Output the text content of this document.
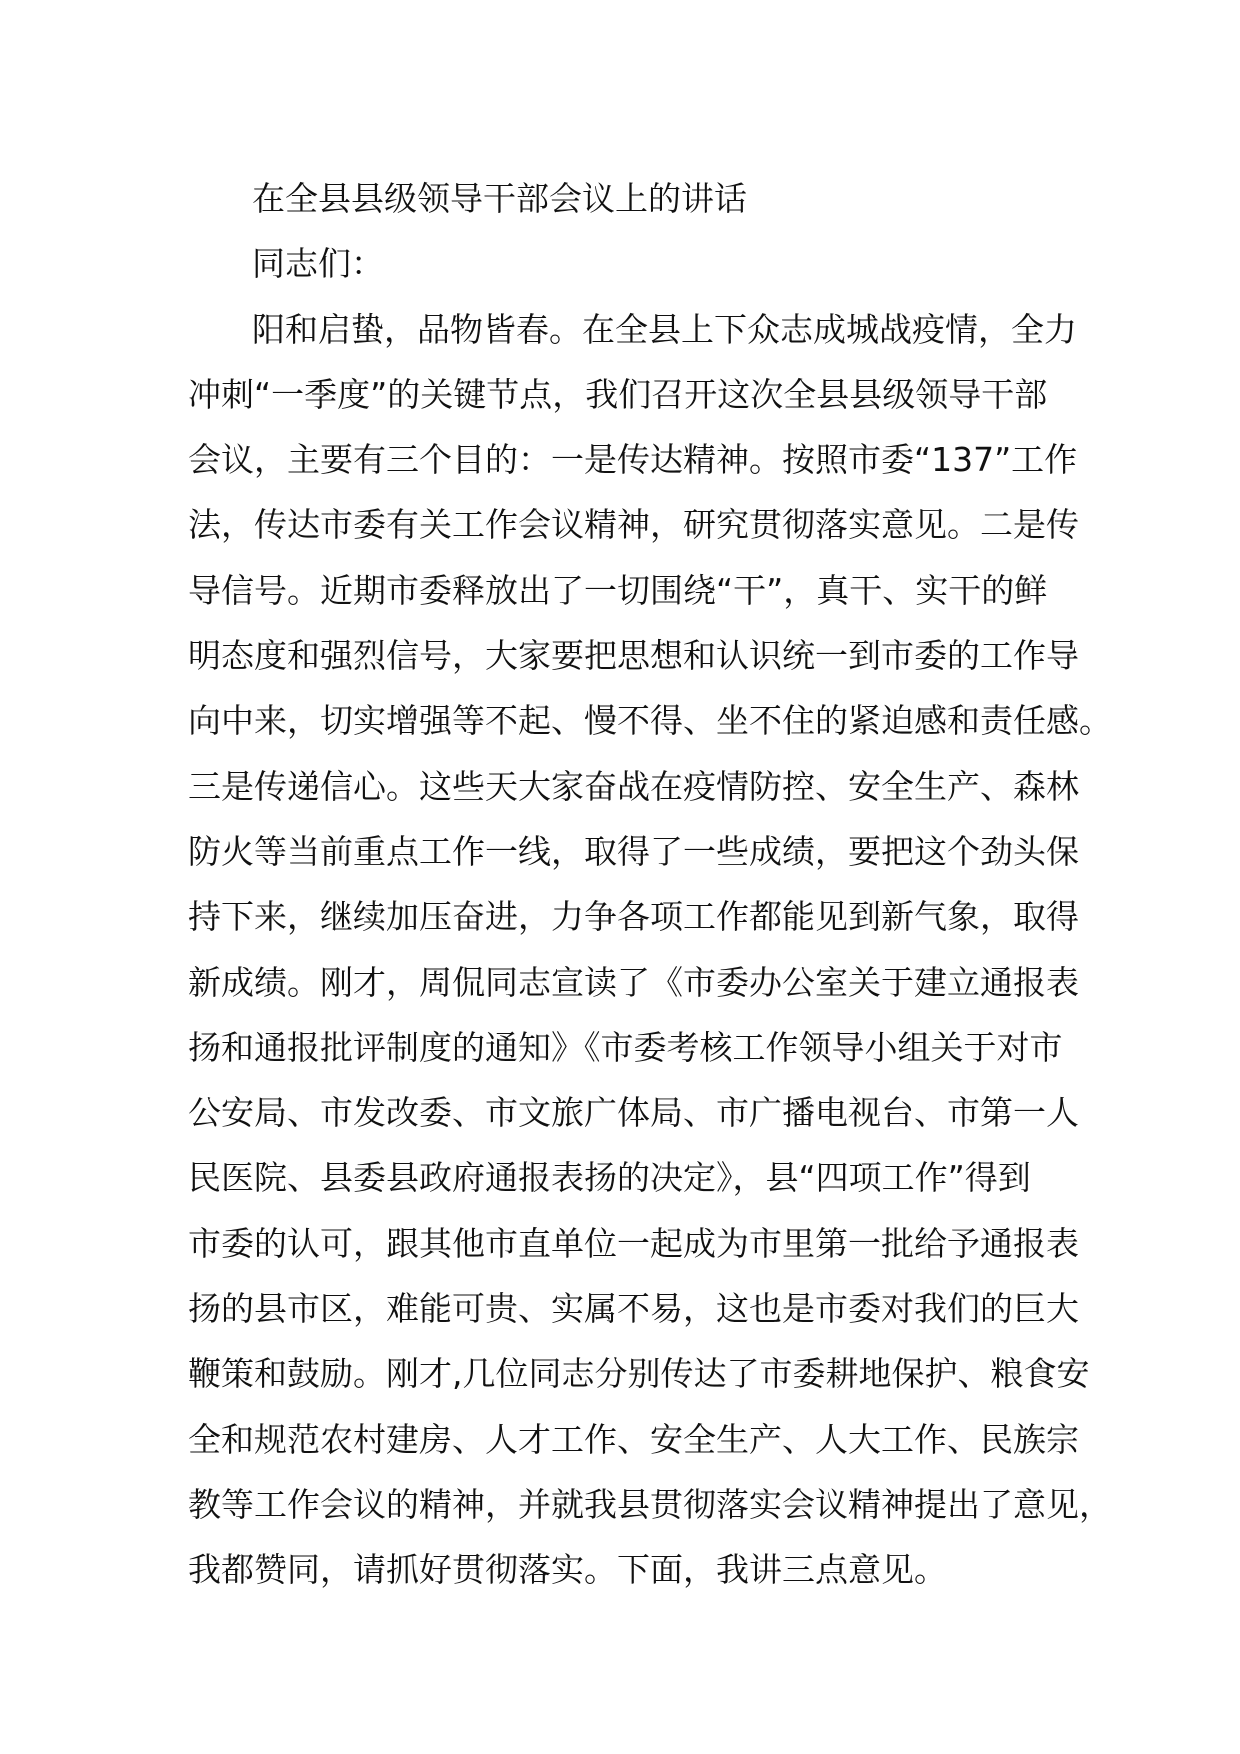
在全县县级领导干部会议上的讲话

同志们：

阳和启蛰，品物皆春。在全县上下众志成城战疫情，全力

冲刺“一季度”的关键节点，我们召开这次全县县级领导干部

会议，主要有三个目的：一是传达精神。按照市委“137”工作

法，传达市委有关工作会议精神，研究贯彻落实意见。二是传

导信号。近期市委释放出了一切围绕“干”，真干、实干的鲜

明态度和强烈信号，大家要把思想和认识统一到市委的工作导

向中来，切实增强等不起、慢不得、坐不住的紧迫感和责任感。

三是传递信心。这些天大家奋战在疫情防控、安全生产、森林

防火等当前重点工作一线，取得了一些成绩，要把这个劲头保

持下来，继续加压奋进，力争各项工作都能见到新气象，取得

新成绩。刚才，周侃同志宣读了《市委办公室关于建立通报表

扬和通报批评制度的通知》《市委考核工作领导小组关于对市

公安局、市发改委、市文旅广体局、市广播电视台、市第一人

民医院、县委县政府通报表扬的决定》，县“四项工作”得到

市委的认可，跟其他市直单位一起成为市里第一批给予通报表

扬的县市区，难能可贵、实属不易，这也是市委对我们的巨大

鞭策和鼓励。刚才,几位同志分别传达了市委耕地保护、粮食安

全和规范农村建房、人才工作、安全生产、人大工作、民族宗

教等工作会议的精神，并就我县贯彻落实会议精神提出了意见，

我都赞同，请抓好贯彻落实。下面，我讲三点意见。
